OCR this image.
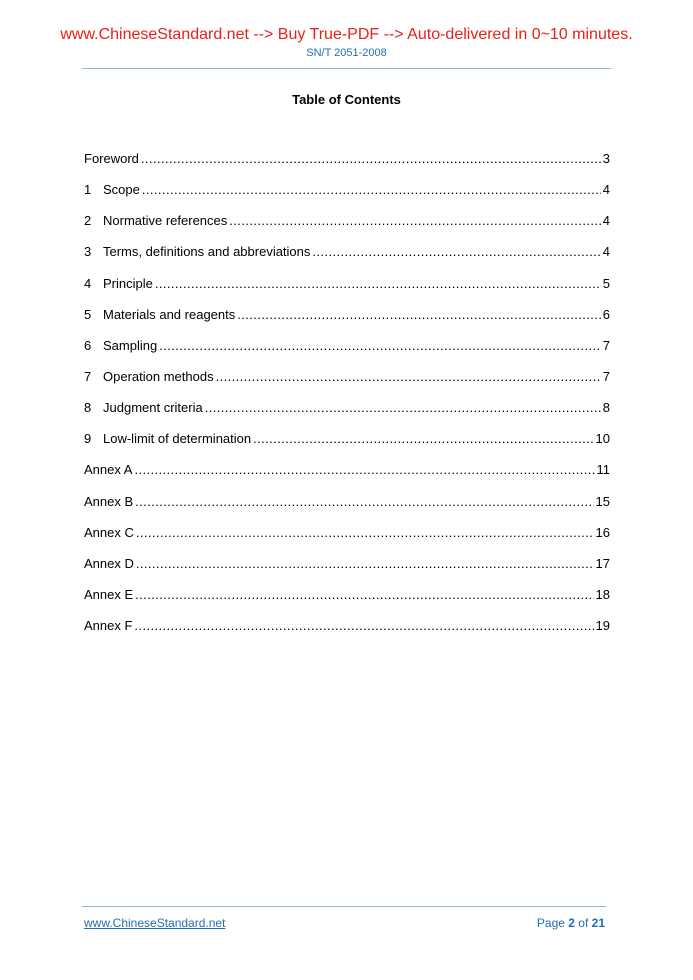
www.ChineseStandard.net --> Buy True-PDF --> Auto-delivered in 0~10 minutes.
SN/T 2051-2008
Table of Contents
Foreword .....	3
1 Scope .....	4
2 Normative references .....	4
3 Terms, definitions and abbreviations .....	4
4 Principle .....	5
5 Materials and reagents .....	6
6 Sampling .....	7
7 Operation methods .....	7
8 Judgment criteria .....	8
9 Low-limit of determination .....	10
Annex A .....	11
Annex B .....	15
Annex C .....	16
Annex D .....	17
Annex E .....	18
Annex F .....	19
www.ChineseStandard.net	Page 2 of 21
